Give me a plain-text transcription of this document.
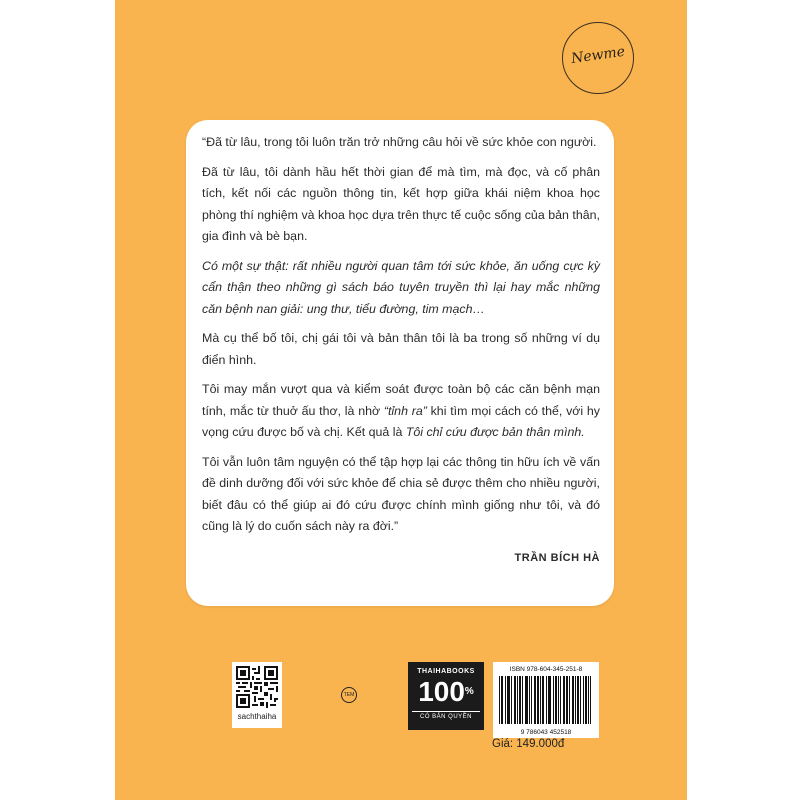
Newme

“Đã từ lâu, trong tôi luôn trăn trở những câu hỏi về sức khỏe con người.

Đã từ lâu, tôi dành hầu hết thời gian để mà tìm, mà đọc, và cố phân tích, kết nối các nguồn thông tin, kết hợp giữa khái niệm khoa học phòng thí nghiệm và khoa học dựa trên thực tế cuộc sống của bản thân, gia đình và bè bạn.

Có một sự thật: rất nhiều người quan tâm tới sức khỏe, ăn uống cực kỳ cẩn thận theo những gì sách báo tuyên truyền thì lại hay mắc những căn bệnh nan giải: ung thư, tiểu đường, tim mạch…

Mà cụ thể bố tôi, chị gái tôi và bản thân tôi là ba trong số những ví dụ điển hình.

Tôi may mắn vượt qua và kiểm soát được toàn bộ các căn bệnh mạn tính, mắc từ thuở ấu thơ, là nhờ “tỉnh ra” khi tìm mọi cách có thể, với hy vọng cứu được bố và chị. Kết quả là Tôi chỉ cứu được bản thân mình.

Tôi vẫn luôn tâm nguyện có thể tập hợp lại các thông tin hữu ích về vấn đề dinh dưỡng đối với sức khỏe để chia sẻ được thêm cho nhiều người, biết đâu có thể giúp ai đó cứu được chính mình giống như tôi, và đó cũng là lý do cuốn sách này ra đời.”

TRẦN BÍCH HÀ

sachthaiha
TEM
THAIHABOOKS
100%
CÓ BẢN QUYỀN
ISBN 978-604-345-251-8
9 786043 452518
Giá: 149.000đ
